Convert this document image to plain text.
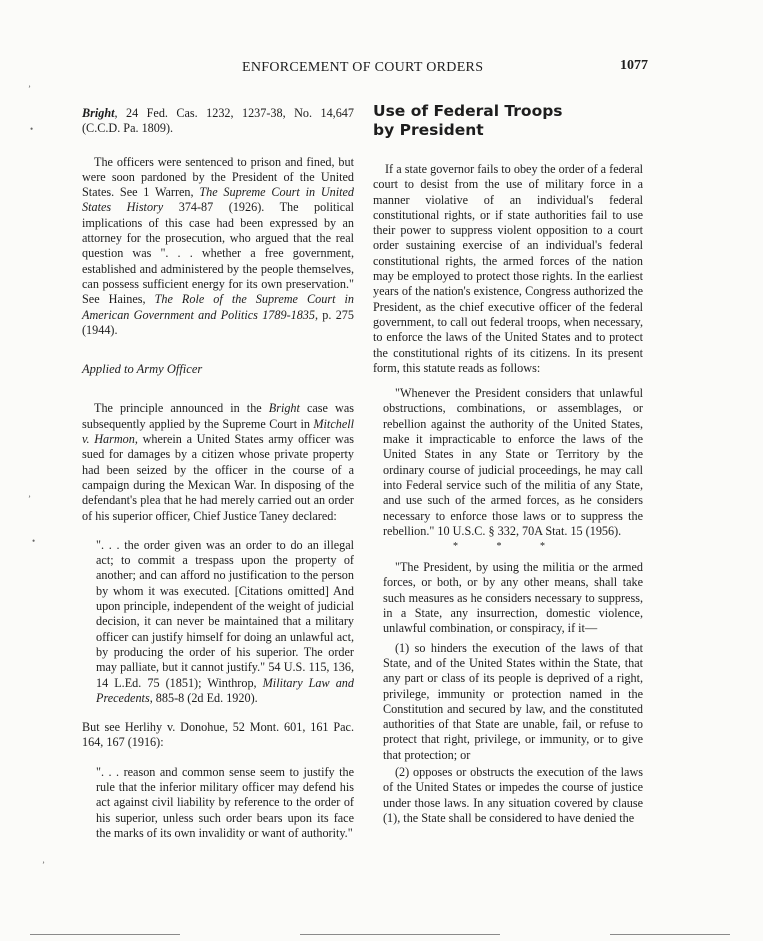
ENFORCEMENT OF COURT ORDERS	1077

Bright, 24 Fed. Cas. 1232, 1237-38, No. 14,647 (C.C.D. Pa. 1809).

The officers were sentenced to prison and fined, but were soon pardoned by the President of the United States. See 1 Warren, The Supreme Court in United States History 374-87 (1926). The political implications of this case had been expressed by an attorney for the prosecution, who argued that the real question was ". . . whether a free government, established and administered by the people themselves, can possess sufficient energy for its own preservation." See Haines, The Role of the Supreme Court in American Government and Politics 1789-1835, p. 275 (1944).

Applied to Army Officer

The principle announced in the Bright case was subsequently applied by the Supreme Court in Mitchell v. Harmon, wherein a United States army officer was sued for damages by a citizen whose private property had been seized by the officer in the course of a campaign during the Mexican War. In disposing of the defendant's plea that he had merely carried out an order of his superior officer, Chief Justice Taney declared:

". . . the order given was an order to do an illegal act; to commit a trespass upon the property of another; and can afford no justification to the person by whom it was executed. [Citations omitted] And upon principle, independent of the weight of judicial decision, it can never be maintained that a military officer can justify himself for doing an unlawful act, by producing the order of his superior. The order may palliate, but it cannot justify." 54 U.S. 115, 136, 14 L.Ed. 75 (1851); Winthrop, Military Law and Precedents, 885-8 (2d Ed. 1920).

But see Herlihy v. Donohue, 52 Mont. 601, 161 Pac. 164, 167 (1916):

". . . reason and common sense seem to justify the rule that the inferior military officer may defend his act against civil liability by reference to the order of his superior, unless such order bears upon its face the marks of its own invalidity or want of authority."

Use of Federal Troops
by President

If a state governor fails to obey the order of a federal court to desist from the use of military force in a manner violative of an individual's federal constitutional rights, or if state authorities fail to use their power to suppress violent opposition to a court order sustaining exercise of an individual's federal constitutional rights, the armed forces of the nation may be employed to protect those rights. In the earliest years of the nation's existence, Congress authorized the President, as the chief executive officer of the federal government, to call out federal troops, when necessary, to enforce the laws of the United States and to protect the constitutional rights of its citizens. In its present form, this statute reads as follows:

"Whenever the President considers that unlawful obstructions, combinations, or assemblages, or rebellion against the authority of the United States, make it impracticable to enforce the laws of the United States in any State or Territory by the ordinary course of judicial proceedings, he may call into Federal service such of the militia of any State, and use such of the armed forces, as he considers necessary to enforce those laws or to suppress the rebellion." 10 U.S.C. § 332, 70A Stat. 15 (1956).

* * *

"The President, by using the militia or the armed forces, or both, or by any other means, shall take such measures as he considers necessary to suppress, in a State, any insurrection, domestic violence, unlawful combination, or conspiracy, if it—

(1) so hinders the execution of the laws of that State, and of the United States within the State, that any part or class of its people is deprived of a right, privilege, immunity or protection named in the Constitution and secured by law, and the constituted authorities of that State are unable, fail, or refuse to protect that right, privilege, or immunity, or to give that protection; or

(2) opposes or obstructs the execution of the laws of the United States or impedes the course of justice under those laws. In any situation covered by clause (1), the State shall be considered to have denied the

ʼ
•
ʼ
•
ʼ
